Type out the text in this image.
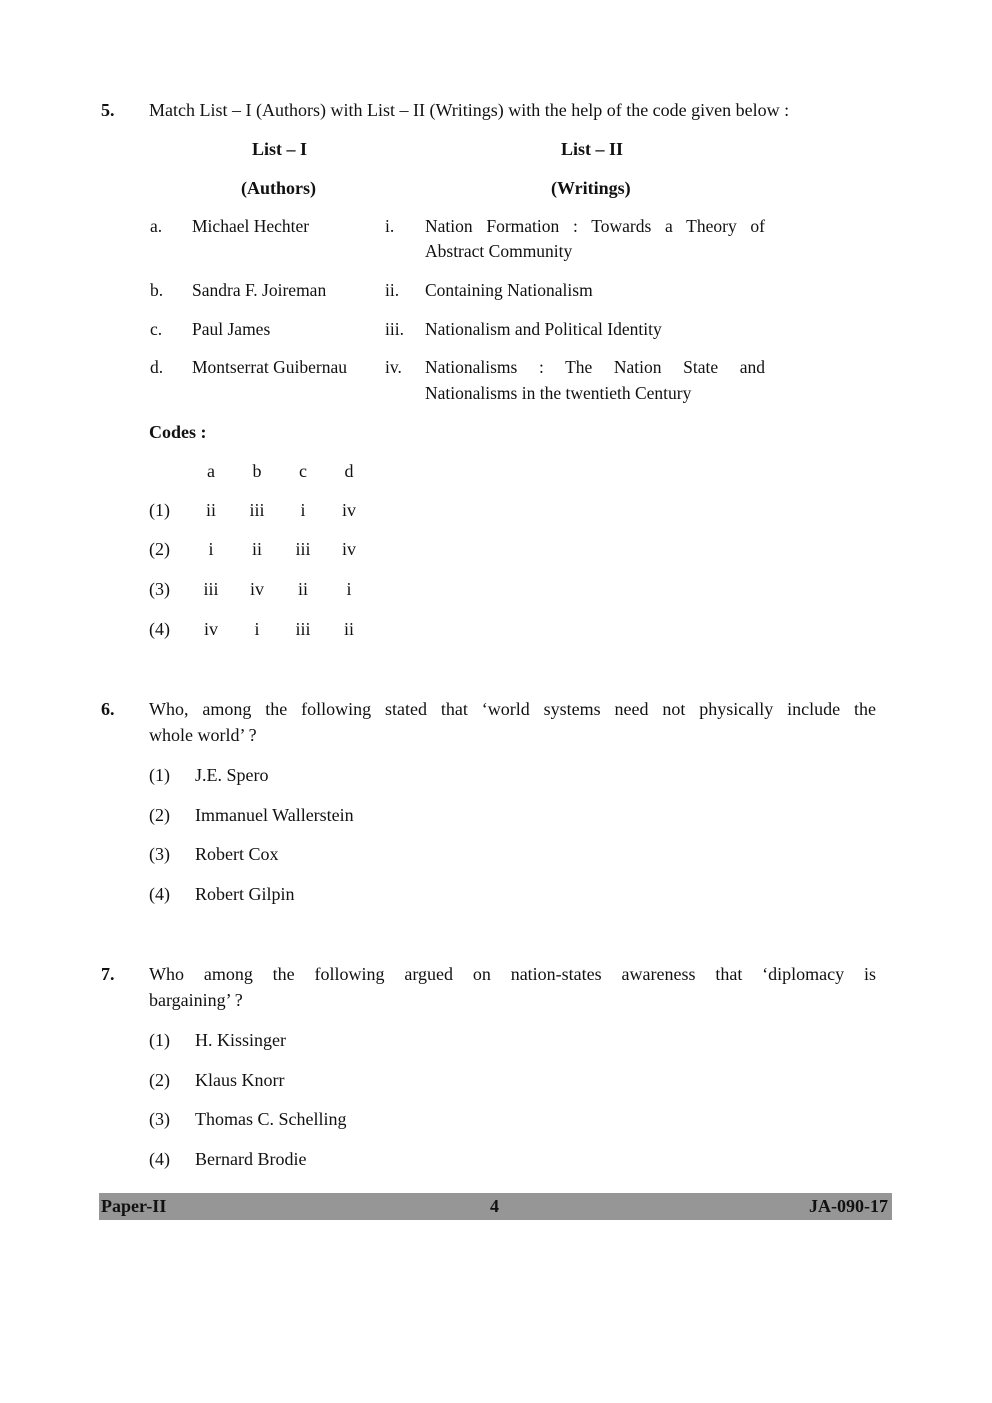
5. Match List – I (Authors) with List – II (Writings) with the help of the code given below :
List – I
(Authors)
List – II
(Writings)
a. Michael Hechter	i. Nation Formation : Towards a Theory of
Abstract Community
b. Sandra F. Joireman	ii. Containing Nationalism
c. Paul James	iii. Nationalism and Political Identity
d. Montserrat Guibernau iv. Nationalisms : The Nation State and
Nationalisms in the twentieth Century
Codes :
a	b	c	d
(1)	ii	iii	i	iv
(2)	i	ii	iii	iv
(3)	iii	iv	ii	i
(4)	iv	i	iii	ii
6. Who, among the following stated that ‘world systems need not physically include the
whole world’ ?
(1) J.E. Spero
(2) Immanuel Wallerstein
(3) Robert Cox
(4) Robert Gilpin
7. Who among the following argued on nation-states awareness that ‘diplomacy is
bargaining’ ?
(1) H. Kissinger
(2) Klaus Knorr
(3) Thomas C. Schelling
(4) Bernard Brodie
Paper-II	4	JA-090-17
